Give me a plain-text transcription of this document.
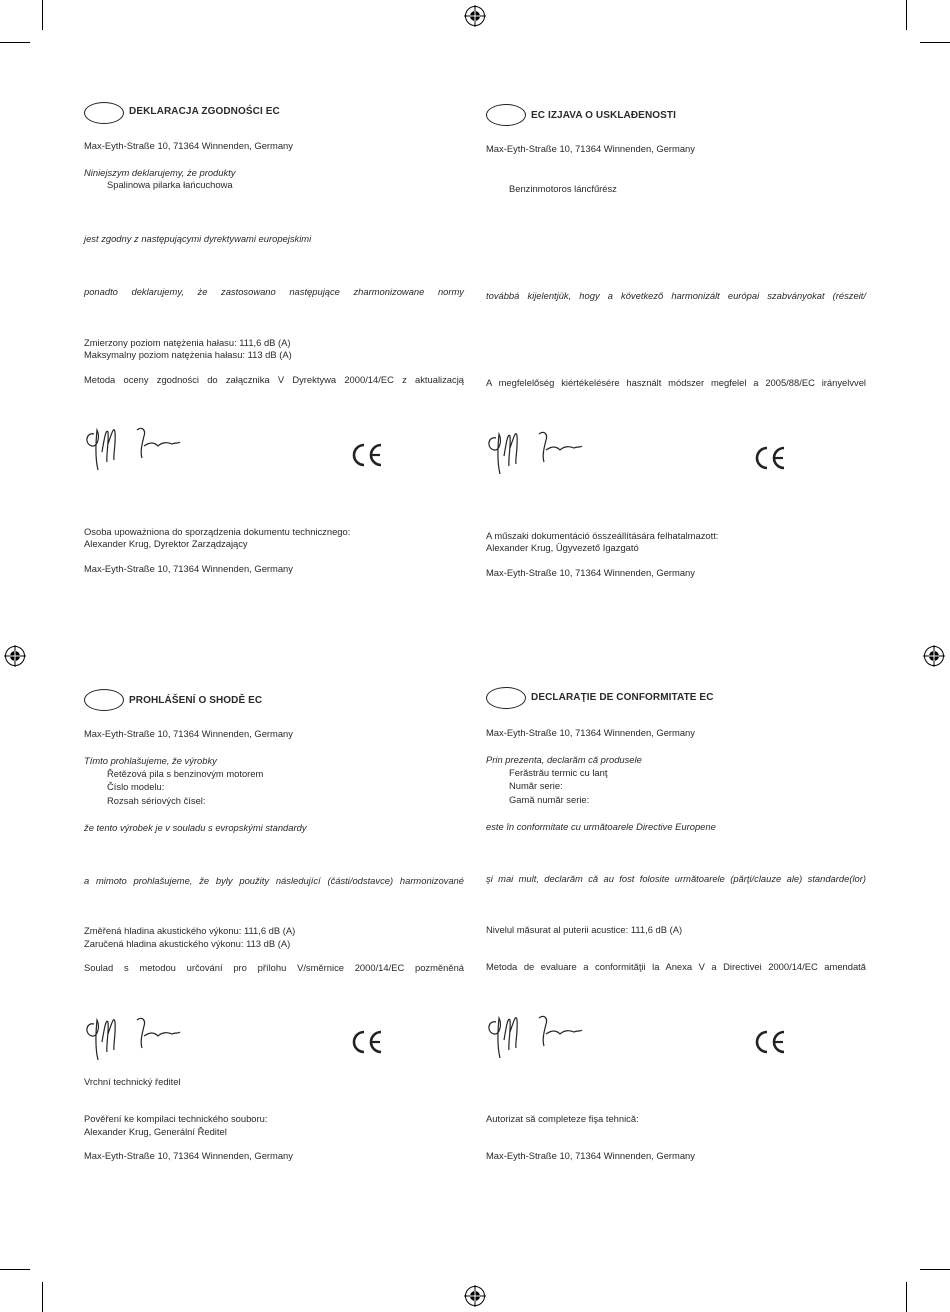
DEKLARACJA ZGODNOŚCI EC
Max-Eyth-Straße 10, 71364 Winnenden, Germany
Niniejszym deklarujemy, że produkty
Spalinowa pilarka łańcuchowa
jest zgodny z następującymi dyrektywami europejskimi
ponadto deklarujemy, że zastosowano następujące zharmonizowane normy
Zmierzony poziom natężenia hałasu: 111,6 dB (A)
Maksymalny poziom natężenia hałasu: 113 dB (A)
Metoda oceny zgodności do załącznika V Dyrektywa 2000/14/EC z aktualizacją
Osoba upoważniona do sporządzenia dokumentu technicznego:
Alexander Krug, Dyrektor Zarządzający
Max-Eyth-Straße 10, 71364 Winnenden, Germany
EC IZJAVA O USKLAĐENOSTI
Max-Eyth-Straße 10, 71364 Winnenden, Germany
Benzinmotoros láncfűrész
továbbá kijelentjük, hogy a következő harmonizált európai szabványokat (részeit/
A megfelelőség kiértékelésére használt módszer megfelel a 2005/88/EC irányelvvel
A műszaki dokumentáció összeállítására felhatalmazott:
Alexander Krug, Ügyvezető Igazgató
Max-Eyth-Straße 10, 71364 Winnenden, Germany
PROHLÁŠENÍ O SHODĚ EC
Max-Eyth-Straße 10, 71364 Winnenden, Germany
Tímto prohlašujeme, že výrobky
Řetězová pila s benzinovým motorem
Číslo modelu:
Rozsah sériových čísel:
že tento výrobek je v souladu s evropskými standardy
a mimoto prohlašujeme, že byly použity následující (části/odstavce) harmonizované
Změřená hladina akustického výkonu: 111,6 dB (A)
Zaručená hladina akustického výkonu: 113 dB (A)
Soulad s metodou určování pro přílohu V/směrnice 2000/14/EC pozměněná
Vrchní technický ředitel
Pověření ke kompilaci technického souboru:
Alexander Krug, Generální Ředitel
Max-Eyth-Straße 10, 71364 Winnenden, Germany
DECLARAŢIE DE CONFORMITATE EC
Max-Eyth-Straße 10, 71364 Winnenden, Germany
Prin prezenta, declarăm că produsele
Ferăstrău termic cu lanţ
Număr serie:
Gamă număr serie:
este în conformitate cu următoarele Directive Europene
şi mai mult, declarăm că au fost folosite următoarele (părţi/clauze ale) standarde(lor)
Nivelul măsurat al puterii acustice: 111,6 dB (A)
Metoda de evaluare a conformităţii la Anexa V a Directivei 2000/14/EC amendată
Autorizat să completeze fişa tehnică:
Max-Eyth-Straße 10, 71364 Winnenden, Germany
